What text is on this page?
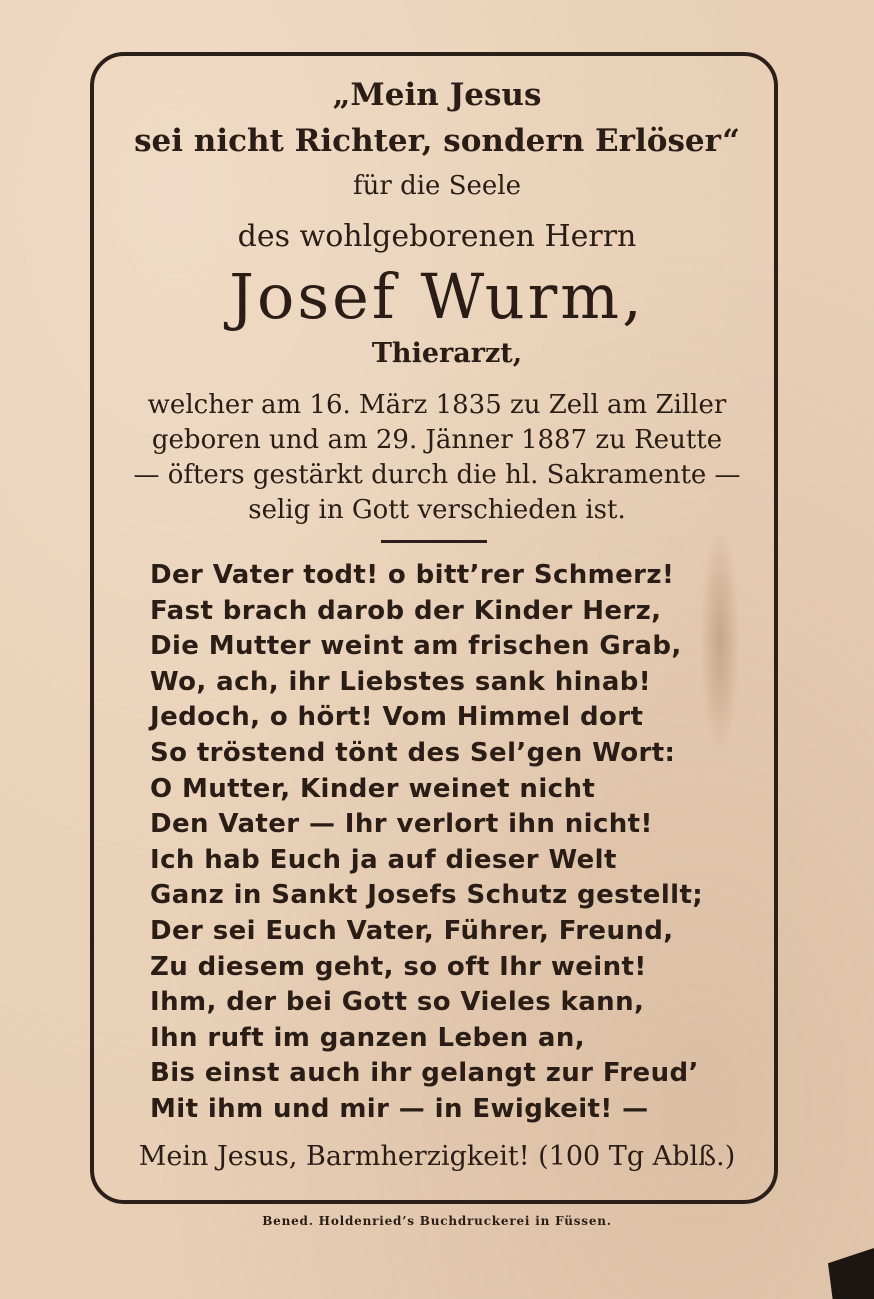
„Mein Jesus
sei nicht Richter, sondern Erlöser“
für die Seele
des wohlgeborenen Herrn
Josef Wurm,
Thierarzt,
welcher am 16. März 1835 zu Zell am Ziller
geboren und am 29. Jänner 1887 zu Reutte
— öfters gestärkt durch die hl. Sakramente —
selig in Gott verschieden ist.
Der Vater todt! o bitt’rer Schmerz!
Fast brach darob der Kinder Herz,
Die Mutter weint am frischen Grab,
Wo, ach, ihr Liebstes sank hinab!
Jedoch, o hört! Vom Himmel dort
So tröstend tönt des Sel’gen Wort:
O Mutter, Kinder weinet nicht
Den Vater — Ihr verlort ihn nicht!
Ich hab Euch ja auf dieser Welt
Ganz in Sankt Josefs Schutz gestellt;
Der sei Euch Vater, Führer, Freund,
Zu diesem geht, so oft Ihr weint!
Ihm, der bei Gott so Vieles kann,
Ihn ruft im ganzen Leben an,
Bis einst auch ihr gelangt zur Freud’
Mit ihm und mir — in Ewigkeit! —
Mein Jesus, Barmherzigkeit! (100 Tg Ablß.)
Bened. Holdenried’s Buchdruckerei in Füssen.
